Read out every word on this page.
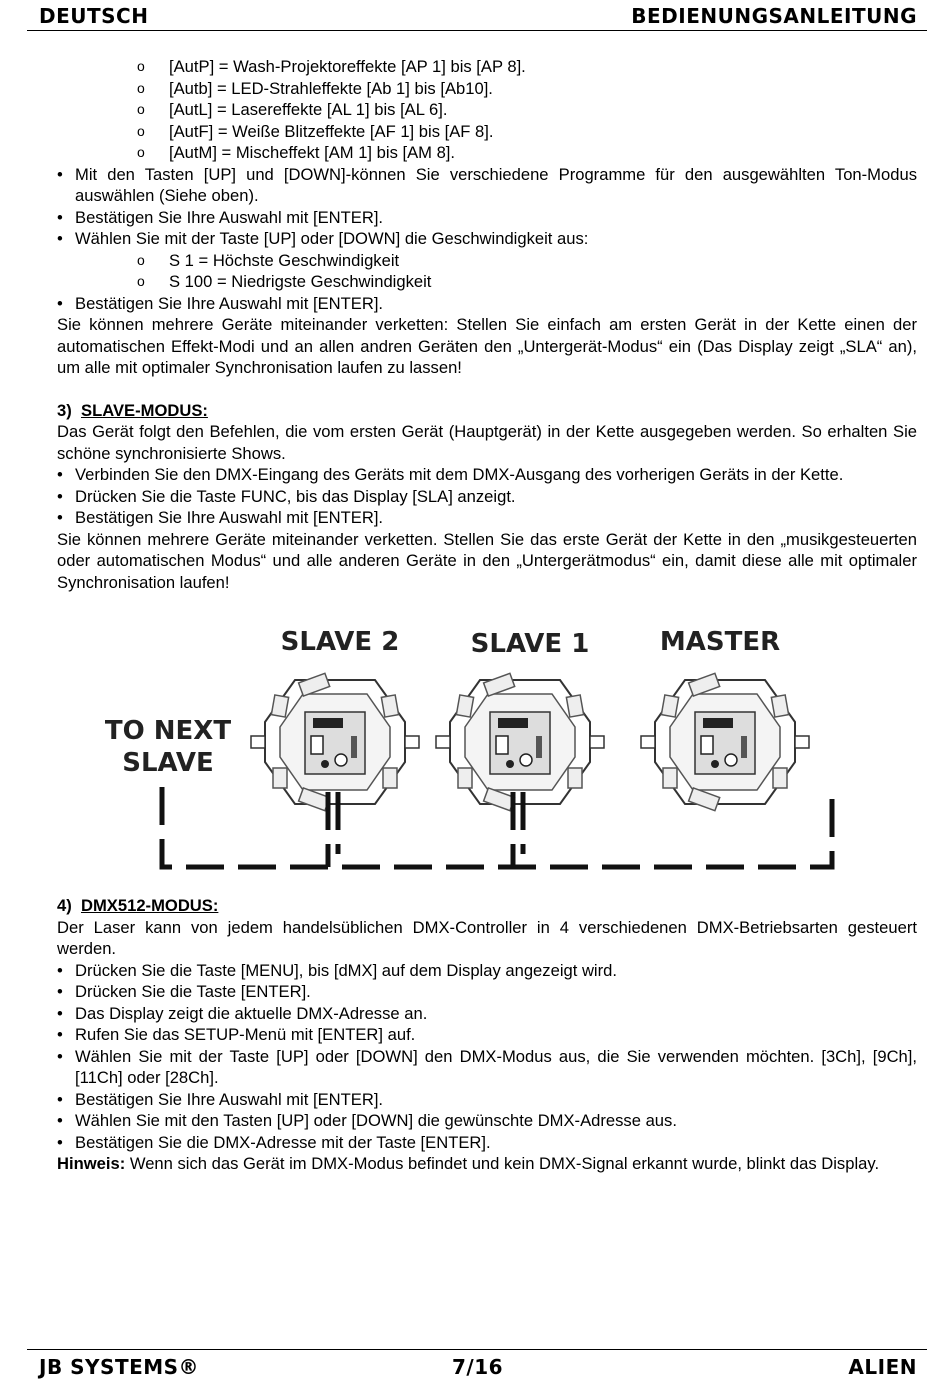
DEUTSCH	BEDIENUNGSANLEITUNG
o [AutP] = Wash-Projektoreffekte [AP 1] bis [AP 8].
o [Autb] = LED-Strahleffekte [Ab 1] bis [Ab10].
o [AutL] = Lasereffekte [AL 1] bis [AL 6].
o [AutF] = Weiße Blitzeffekte [AF 1] bis [AF 8].
o [AutM] = Mischeffekt [AM 1] bis [AM 8].
• Mit den Tasten [UP] und [DOWN]-können Sie verschiedene Programme für den ausgewählten Ton-Modus auswählen (Siehe oben).
• Bestätigen Sie Ihre Auswahl mit [ENTER].
• Wählen Sie mit der Taste [UP] oder [DOWN] die Geschwindigkeit aus:
o S 1 = Höchste Geschwindigkeit
o S 100 = Niedrigste Geschwindigkeit
• Bestätigen Sie Ihre Auswahl mit [ENTER].
Sie können mehrere Geräte miteinander verketten: Stellen Sie einfach am ersten Gerät in der Kette einen der automatischen Effekt-Modi und an allen andren Geräten den „Untergerät-Modus“ ein (Das Display zeigt „SLA“ an), um alle mit optimaler Synchronisation laufen zu lassen!
3) SLAVE-MODUS:
Das Gerät folgt den Befehlen, die vom ersten Gerät (Hauptgerät) in der Kette ausgegeben werden. So erhalten Sie schöne synchronisierte Shows.
• Verbinden Sie den DMX-Eingang des Geräts mit dem DMX-Ausgang des vorherigen Geräts in der Kette.
• Drücken Sie die Taste FUNC, bis das Display [SLA] anzeigt.
• Bestätigen Sie Ihre Auswahl mit [ENTER].
Sie können mehrere Geräte miteinander verketten. Stellen Sie das erste Gerät der Kette in den „musikgesteuerten oder automatischen Modus“ und alle anderen Geräte in den „Untergerätmodus“ ein, damit diese alle mit optimaler Synchronisation laufen!
SLAVE 2	SLAVE 1	MASTER
TO NEXT
SLAVE
4) DMX512-MODUS:
Der Laser kann von jedem handelsüblichen DMX-Controller in 4 verschiedenen DMX-Betriebsarten gesteuert werden.
• Drücken Sie die Taste [MENU], bis [dMX] auf dem Display angezeigt wird.
• Drücken Sie die Taste [ENTER].
• Das Display zeigt die aktuelle DMX-Adresse an.
• Rufen Sie das SETUP-Menü mit [ENTER] auf.
• Wählen Sie mit der Taste [UP] oder [DOWN] den DMX-Modus aus, die Sie verwenden möchten. [3Ch], [9Ch], [11Ch] oder [28Ch].
• Bestätigen Sie Ihre Auswahl mit [ENTER].
• Wählen Sie mit den Tasten [UP] oder [DOWN] die gewünschte DMX-Adresse aus.
• Bestätigen Sie die DMX-Adresse mit der Taste [ENTER].
Hinweis: Wenn sich das Gerät im DMX-Modus befindet und kein DMX-Signal erkannt wurde, blinkt das Display.
JB SYSTEMS®	7/16	ALIEN
